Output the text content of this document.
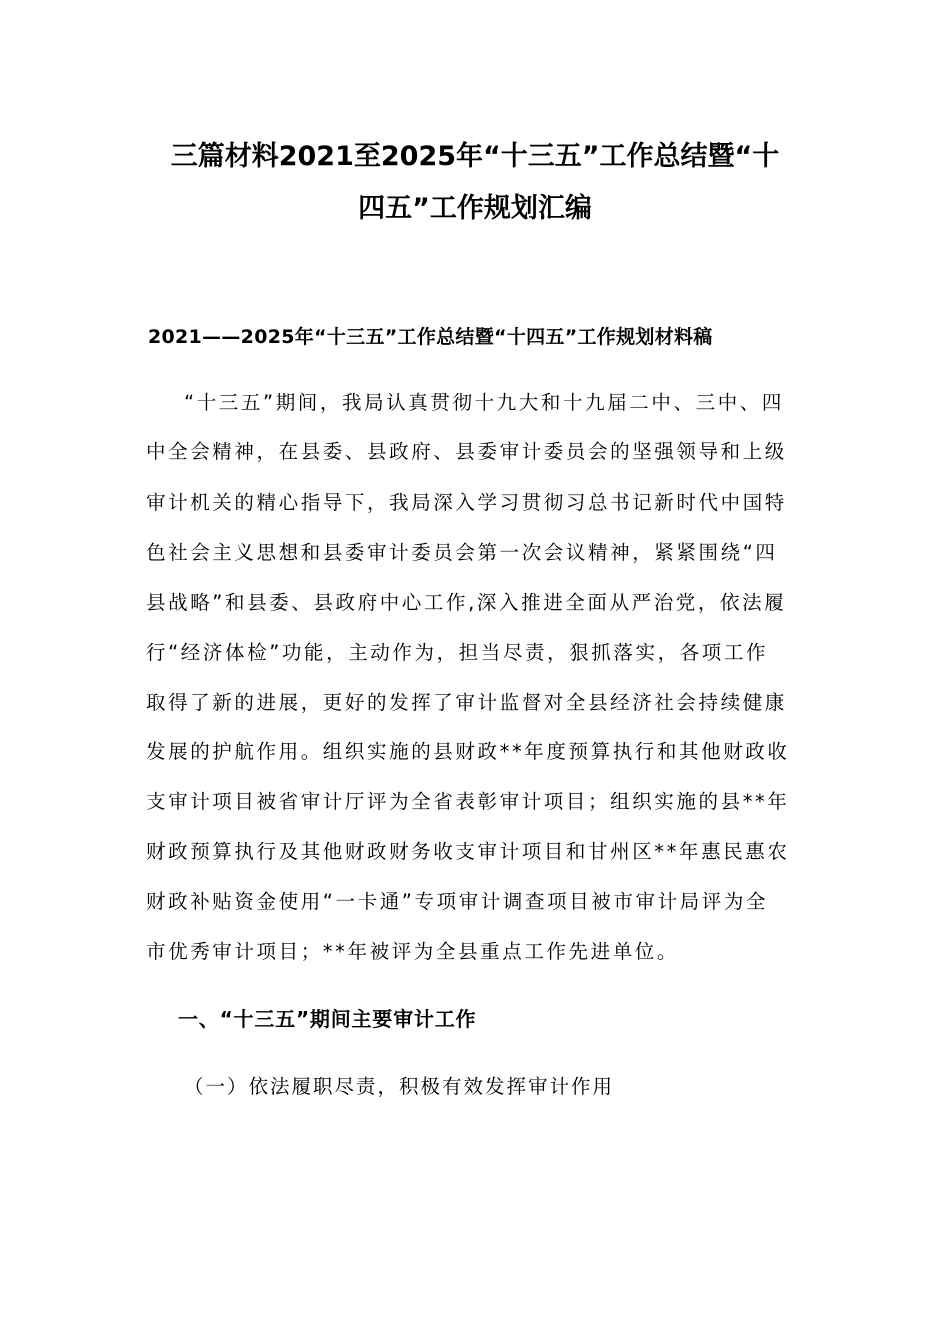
三篇材料2021至2025年“十三五”工作总结暨“十
四五”工作规划汇编
2021——2025年“十三五”工作总结暨“十四五”工作规划材料稿
“十三五”期间，我局认真贯彻十九大和十九届二中、三中、四
中全会精神，在县委、县政府、县委审计委员会的坚强领导和上级
审计机关的精心指导下，我局深入学习贯彻习总书记新时代中国特
色社会主义思想和县委审计委员会第一次会议精神，紧紧围绕“四
县战略”和县委、县政府中心工作,深入推进全面从严治党，依法履
行“经济体检”功能，主动作为，担当尽责，狠抓落实，各项工作
取得了新的进展，更好的发挥了审计监督对全县经济社会持续健康
发展的护航作用。组织实施的县财政**年度预算执行和其他财政收
支审计项目被省审计厅评为全省表彰审计项目；组织实施的县**年
财政预算执行及其他财政财务收支审计项目和甘州区**年惠民惠农
财政补贴资金使用“一卡通”专项审计调查项目被市审计局评为全
市优秀审计项目；**年被评为全县重点工作先进单位。
一、“十三五”期间主要审计工作
（一）依法履职尽责，积极有效发挥审计作用
